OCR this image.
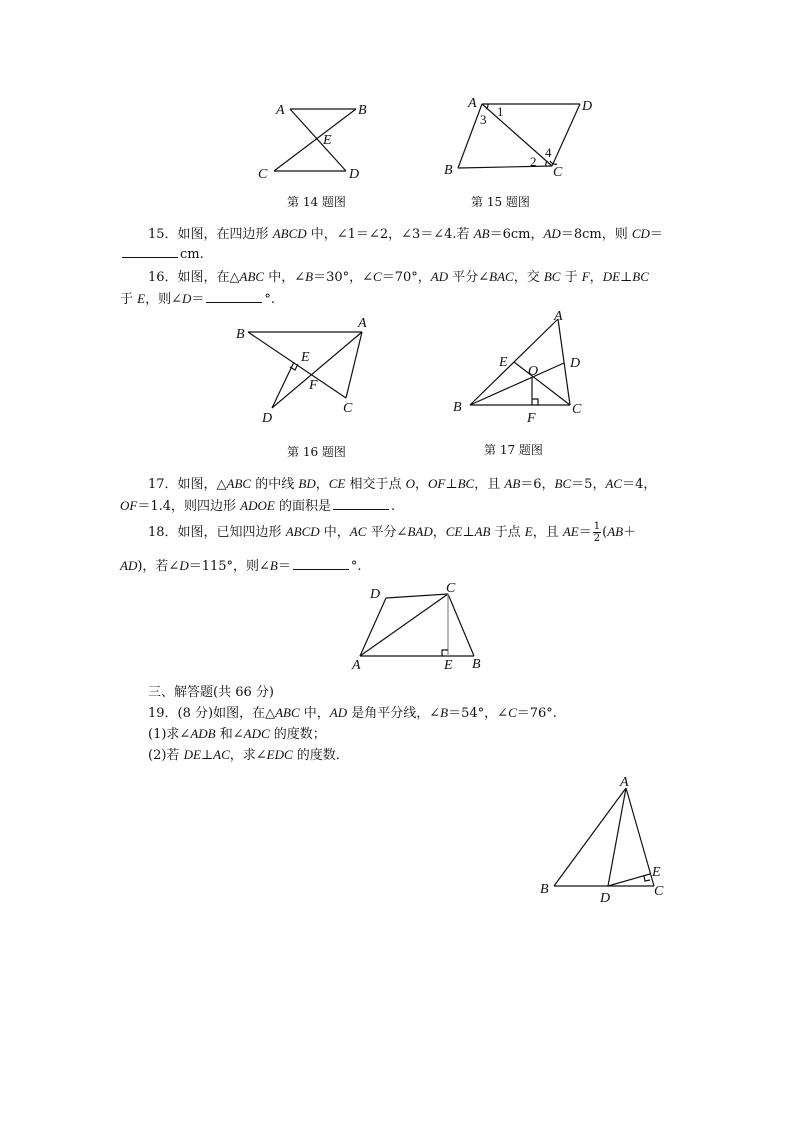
A	B
E
C	D
第 14 题图
A	D
B	C
1
3
2
4
第 15 题图
15．如图，在四边形 ABCD 中，∠1＝∠2，∠3＝∠4.若 AB＝6cm，AD＝8cm，则 CD＝
cm.
16．如图，在△ABC 中，∠B＝30°，∠C＝70°，AD 平分∠BAC，交 BC 于 F，DE⊥BC
于 E，则∠D＝	°.
B
A
E
F
D
C
第 16 题图
A
E
O
D
B
F
C
第 17 题图
17．如图，△ABC 的中线 BD，CE 相交于点 O，OF⊥BC，且 AB＝6，BC＝5，AC＝4，
OF＝1.4，则四边形 ADOE 的面积是	.
18．如图，已知四边形 ABCD 中，AC 平分∠BAD，CE⊥AB 于点 E，且 $AE= \frac{1}{2} (AB+$
AD)，若∠D＝115°，则∠B＝	°.
D	C
A	E B
三、解答题(共 66 分)
19．(8 分)如图，在△ABC 中，AD 是角平分线，∠B＝54°，∠C＝76°.
(1)求∠ADB 和∠ADC 的度数；
(2)若 DE⊥AC，求∠EDC 的度数．
A
E
B
D	C
